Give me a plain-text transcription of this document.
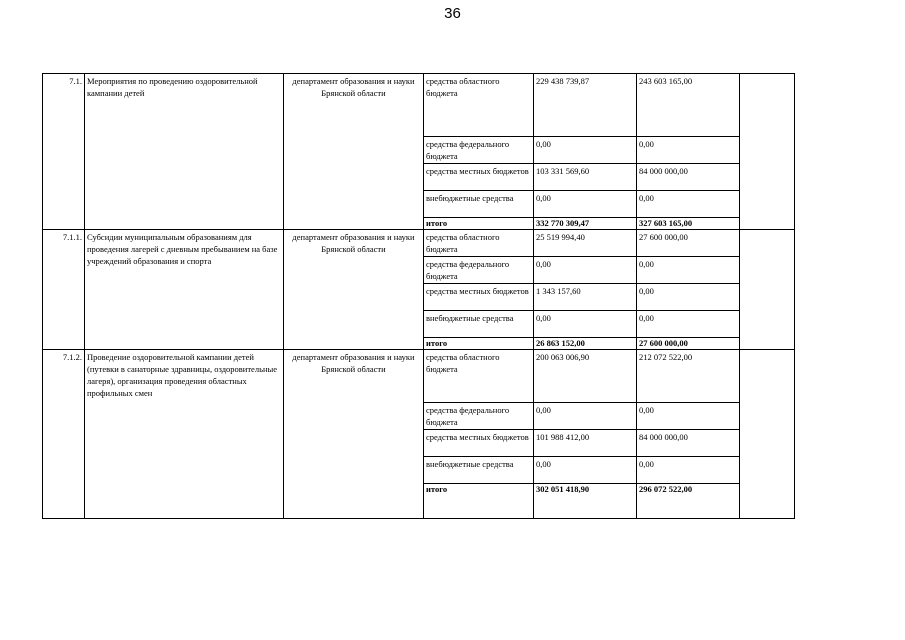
36
7.1.	Мероприятия по проведению оздоровительной кампании детей	департамент образования и науки Брянской области	средства областного бюджета	229 438 739,87	243 603 165,00	
			средства федерального бюджета	0,00	0,00	
			средства местных бюджетов	103 331 569,60	84 000 000,00	
			внебюджетные средства	0,00	0,00	
			итого	332 770 309,47	327 603 165,00	
7.1.1.	Субсидии муниципальным образованиям для проведения лагерей с дневным пребыванием на базе учреждений образования и спорта	департамент образования и науки Брянской области	средства областного бюджета	25 519 994,40	27 600 000,00	
			средства федерального бюджета	0,00	0,00	
			средства местных бюджетов	1 343 157,60	0,00	
			внебюджетные средства	0,00	0,00	
			итого	26 863 152,00	27 600 000,00	
7.1.2.	Проведение оздоровительной кампании детей (путевки в санаторные здравницы, оздоровительные лагеря), организация проведения областных профильных смен	департамент образования и науки Брянской области	средства областного бюджета	200 063 006,90	212 072 522,00	
			средства федерального бюджета	0,00	0,00	
			средства местных бюджетов	101 988 412,00	84 000 000,00	
			внебюджетные средства	0,00	0,00	
			итого	302 051 418,90	296 072 522,00	
